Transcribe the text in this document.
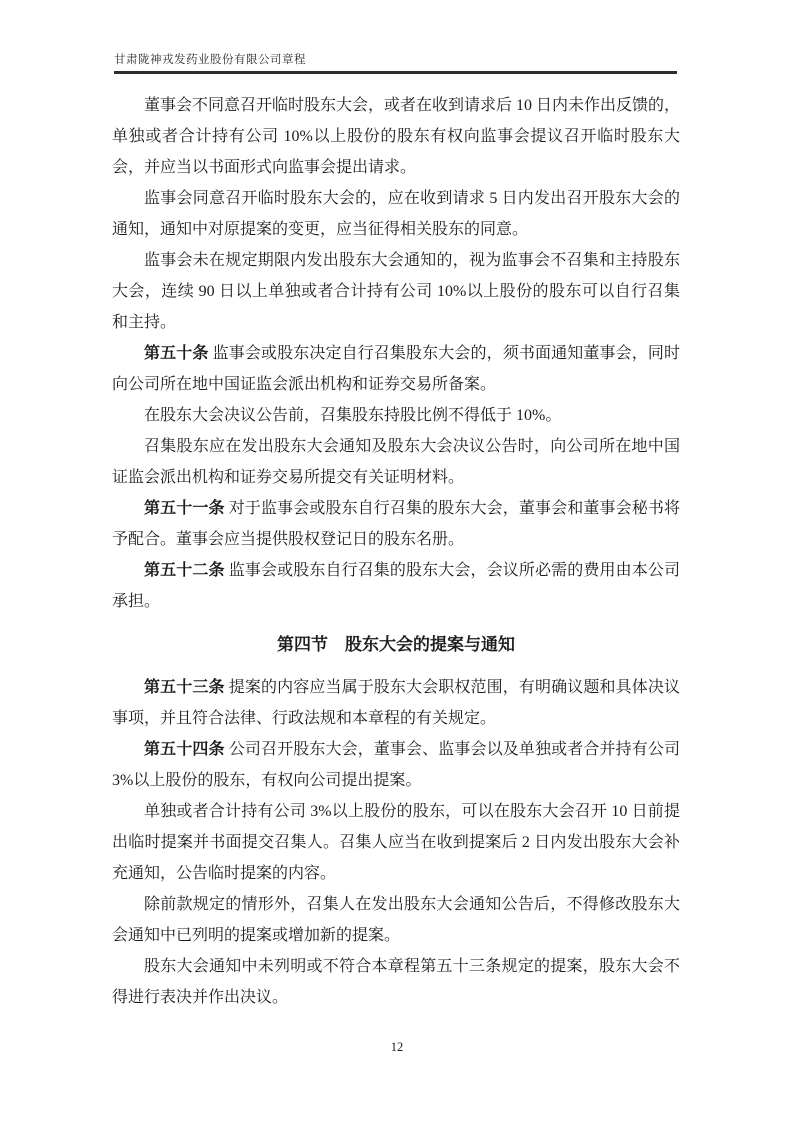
甘肃陇神戎发药业股份有限公司章程

董事会不同意召开临时股东大会，或者在收到请求后 10 日内未作出反馈的，单独或者合计持有公司 10%以上股份的股东有权向监事会提议召开临时股东大会，并应当以书面形式向监事会提出请求。

监事会同意召开临时股东大会的，应在收到请求 5 日内发出召开股东大会的通知，通知中对原提案的变更，应当征得相关股东的同意。

监事会未在规定期限内发出股东大会通知的，视为监事会不召集和主持股东大会，连续 90 日以上单独或者合计持有公司 10%以上股份的股东可以自行召集和主持。

第五十条 监事会或股东决定自行召集股东大会的，须书面通知董事会，同时向公司所在地中国证监会派出机构和证券交易所备案。

在股东大会决议公告前，召集股东持股比例不得低于 10%。

召集股东应在发出股东大会通知及股东大会决议公告时，向公司所在地中国证监会派出机构和证券交易所提交有关证明材料。

第五十一条 对于监事会或股东自行召集的股东大会，董事会和董事会秘书将予配合。董事会应当提供股权登记日的股东名册。

第五十二条 监事会或股东自行召集的股东大会，会议所必需的费用由本公司承担。

第四节　股东大会的提案与通知

第五十三条 提案的内容应当属于股东大会职权范围，有明确议题和具体决议事项，并且符合法律、行政法规和本章程的有关规定。

第五十四条 公司召开股东大会，董事会、监事会以及单独或者合并持有公司 3%以上股份的股东，有权向公司提出提案。

单独或者合计持有公司 3%以上股份的股东，可以在股东大会召开 10 日前提出临时提案并书面提交召集人。召集人应当在收到提案后 2 日内发出股东大会补充通知，公告临时提案的内容。

除前款规定的情形外，召集人在发出股东大会通知公告后，不得修改股东大会通知中已列明的提案或增加新的提案。

股东大会通知中未列明或不符合本章程第五十三条规定的提案，股东大会不得进行表决并作出决议。

12
